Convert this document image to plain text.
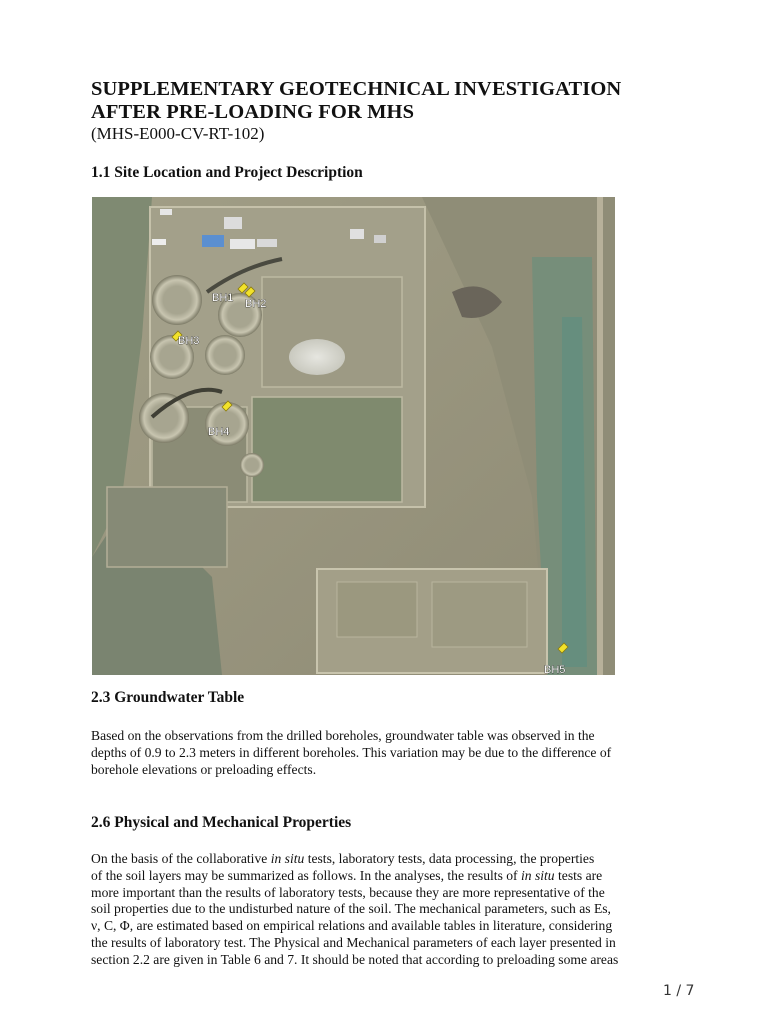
SUPPLEMENTARY GEOTECHNICAL INVESTIGATION
AFTER PRE-LOADING FOR MHS
(MHS-E000-CV-RT-102)
1.1 Site Location and Project Description
BH1 BH2
BH3
BH4
BH5
2.3 Groundwater Table
Based on the observations from the drilled boreholes, groundwater table was observed in the
depths of 0.9 to 2.3 meters in different boreholes. This variation may be due to the difference of
borehole elevations or preloading effects.
2.6 Physical and Mechanical Properties
On the basis of the collaborative in situ tests, laboratory tests, data processing, the properties
of the soil layers may be summarized as follows. In the analyses, the results of in situ tests are
more important than the results of laboratory tests, because they are more representative of the
soil properties due to the undisturbed nature of the soil. The mechanical parameters, such as Es,
ν, C, Φ, are estimated based on empirical relations and available tables in literature, considering
the results of laboratory test. The Physical and Mechanical parameters of each layer presented in
section 2.2 are given in Table 6 and 7. It should be noted that according to preloading some areas
1 / 7
